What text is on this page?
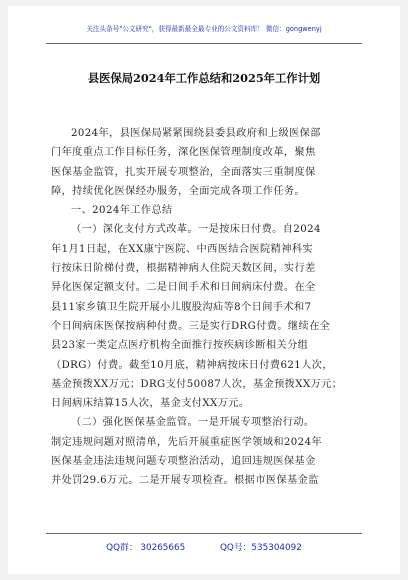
关注头条号"公文研究"，获得最新最全最专业的公文资料库！ 微信：gongwenyj
县医保局2024年工作总结和2025年工作计划
2024年，县医保局紧紧围绕县委县政府和上级医保部
门年度重点工作目标任务，深化医保管理制度改革，聚焦
医保基金监管，扎实开展专项整治，全面落实三重制度保
障，持续优化医保经办服务，全面完成各项工作任务。
一、2024年工作总结
（一）深化支付方式改革。一是按床日付费。自2024
年1月1日起，在XX康宁医院、中西医结合医院精神科实
行按床日阶梯付费，根据精神病人住院天数区间，实行差
异化医保定额支付。二是日间手术和日间病床付费。在全
县11家乡镇卫生院开展小儿腹股沟疝等8个日间手术和7
个日间病床医保按病种付费。三是实行DRG付费。继续在全
县23家一类定点医疗机构全面推行按疾病诊断相关分组
（DRG）付费。截至10月底，精神病按床日付费621人次，
基金预拨XX万元；DRG支付50087人次，基金预拨XX万元；
日间病床结算15人次，基金支付XX万元。
（二）强化医保基金监管。一是开展专项整治行动。
制定违规问题对照清单，先后开展重症医学领域和2024年
医保基金违法违规问题专项整治活动，追回违规医保基金
并处罚29.6万元。二是开展专项检查。根据市医保基金监
QQ群： 30265665	QQ号：535304092
